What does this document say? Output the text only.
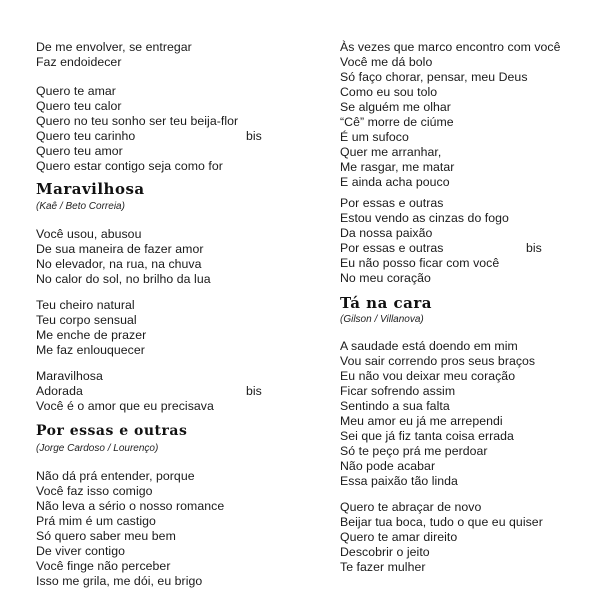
De me envolver, se entregar
Faz endoidecer
Quero te amar
Quero teu calor
Quero no teu sonho ser teu beija-flor
Quero teu carinho
Quero teu amor
Quero estar contigo seja como for
bis
Maravilhosa
(Kaê / Beto Correia)
Você usou, abusou
De sua maneira de fazer amor
No elevador, na rua, na chuva
No calor do sol, no brilho da lua
Teu cheiro natural
Teu corpo sensual
Me enche de prazer
Me faz enlouquecer
Maravilhosa
Adorada
Você é o amor que eu precisava
bis
Por essas e outras
(Jorge Cardoso / Lourenço)
Não dá prá entender, porque
Você faz isso comigo
Não leva a sério o nosso romance
Prá mim é um castigo
Só quero saber meu bem
De viver contigo
Você finge não perceber
Isso me grila, me dói, eu brigo
Às vezes que marco encontro com você
Você me dá bolo
Só faço chorar, pensar, meu Deus
Como eu sou tolo
Se alguém me olhar
“Cê” morre de ciúme
É um sufoco
Quer me arranhar,
Me rasgar, me matar
E ainda acha pouco
Por essas e outras
Estou vendo as cinzas do fogo
Da nossa paixão
Por essas e outras
Eu não posso ficar com você
No meu coração
bis
Tá na cara
(Gilson / Villanova)
A saudade está doendo em mim
Vou sair correndo pros seus braços
Eu não vou deixar meu coração
Ficar sofrendo assim
Sentindo a sua falta
Meu amor eu já me arrependi
Sei que já fiz tanta coisa errada
Só te peço prá me perdoar
Não pode acabar
Essa paixão tão linda
Quero te abraçar de novo
Beijar tua boca, tudo o que eu quiser
Quero te amar direito
Descobrir o jeito
Te fazer mulher
